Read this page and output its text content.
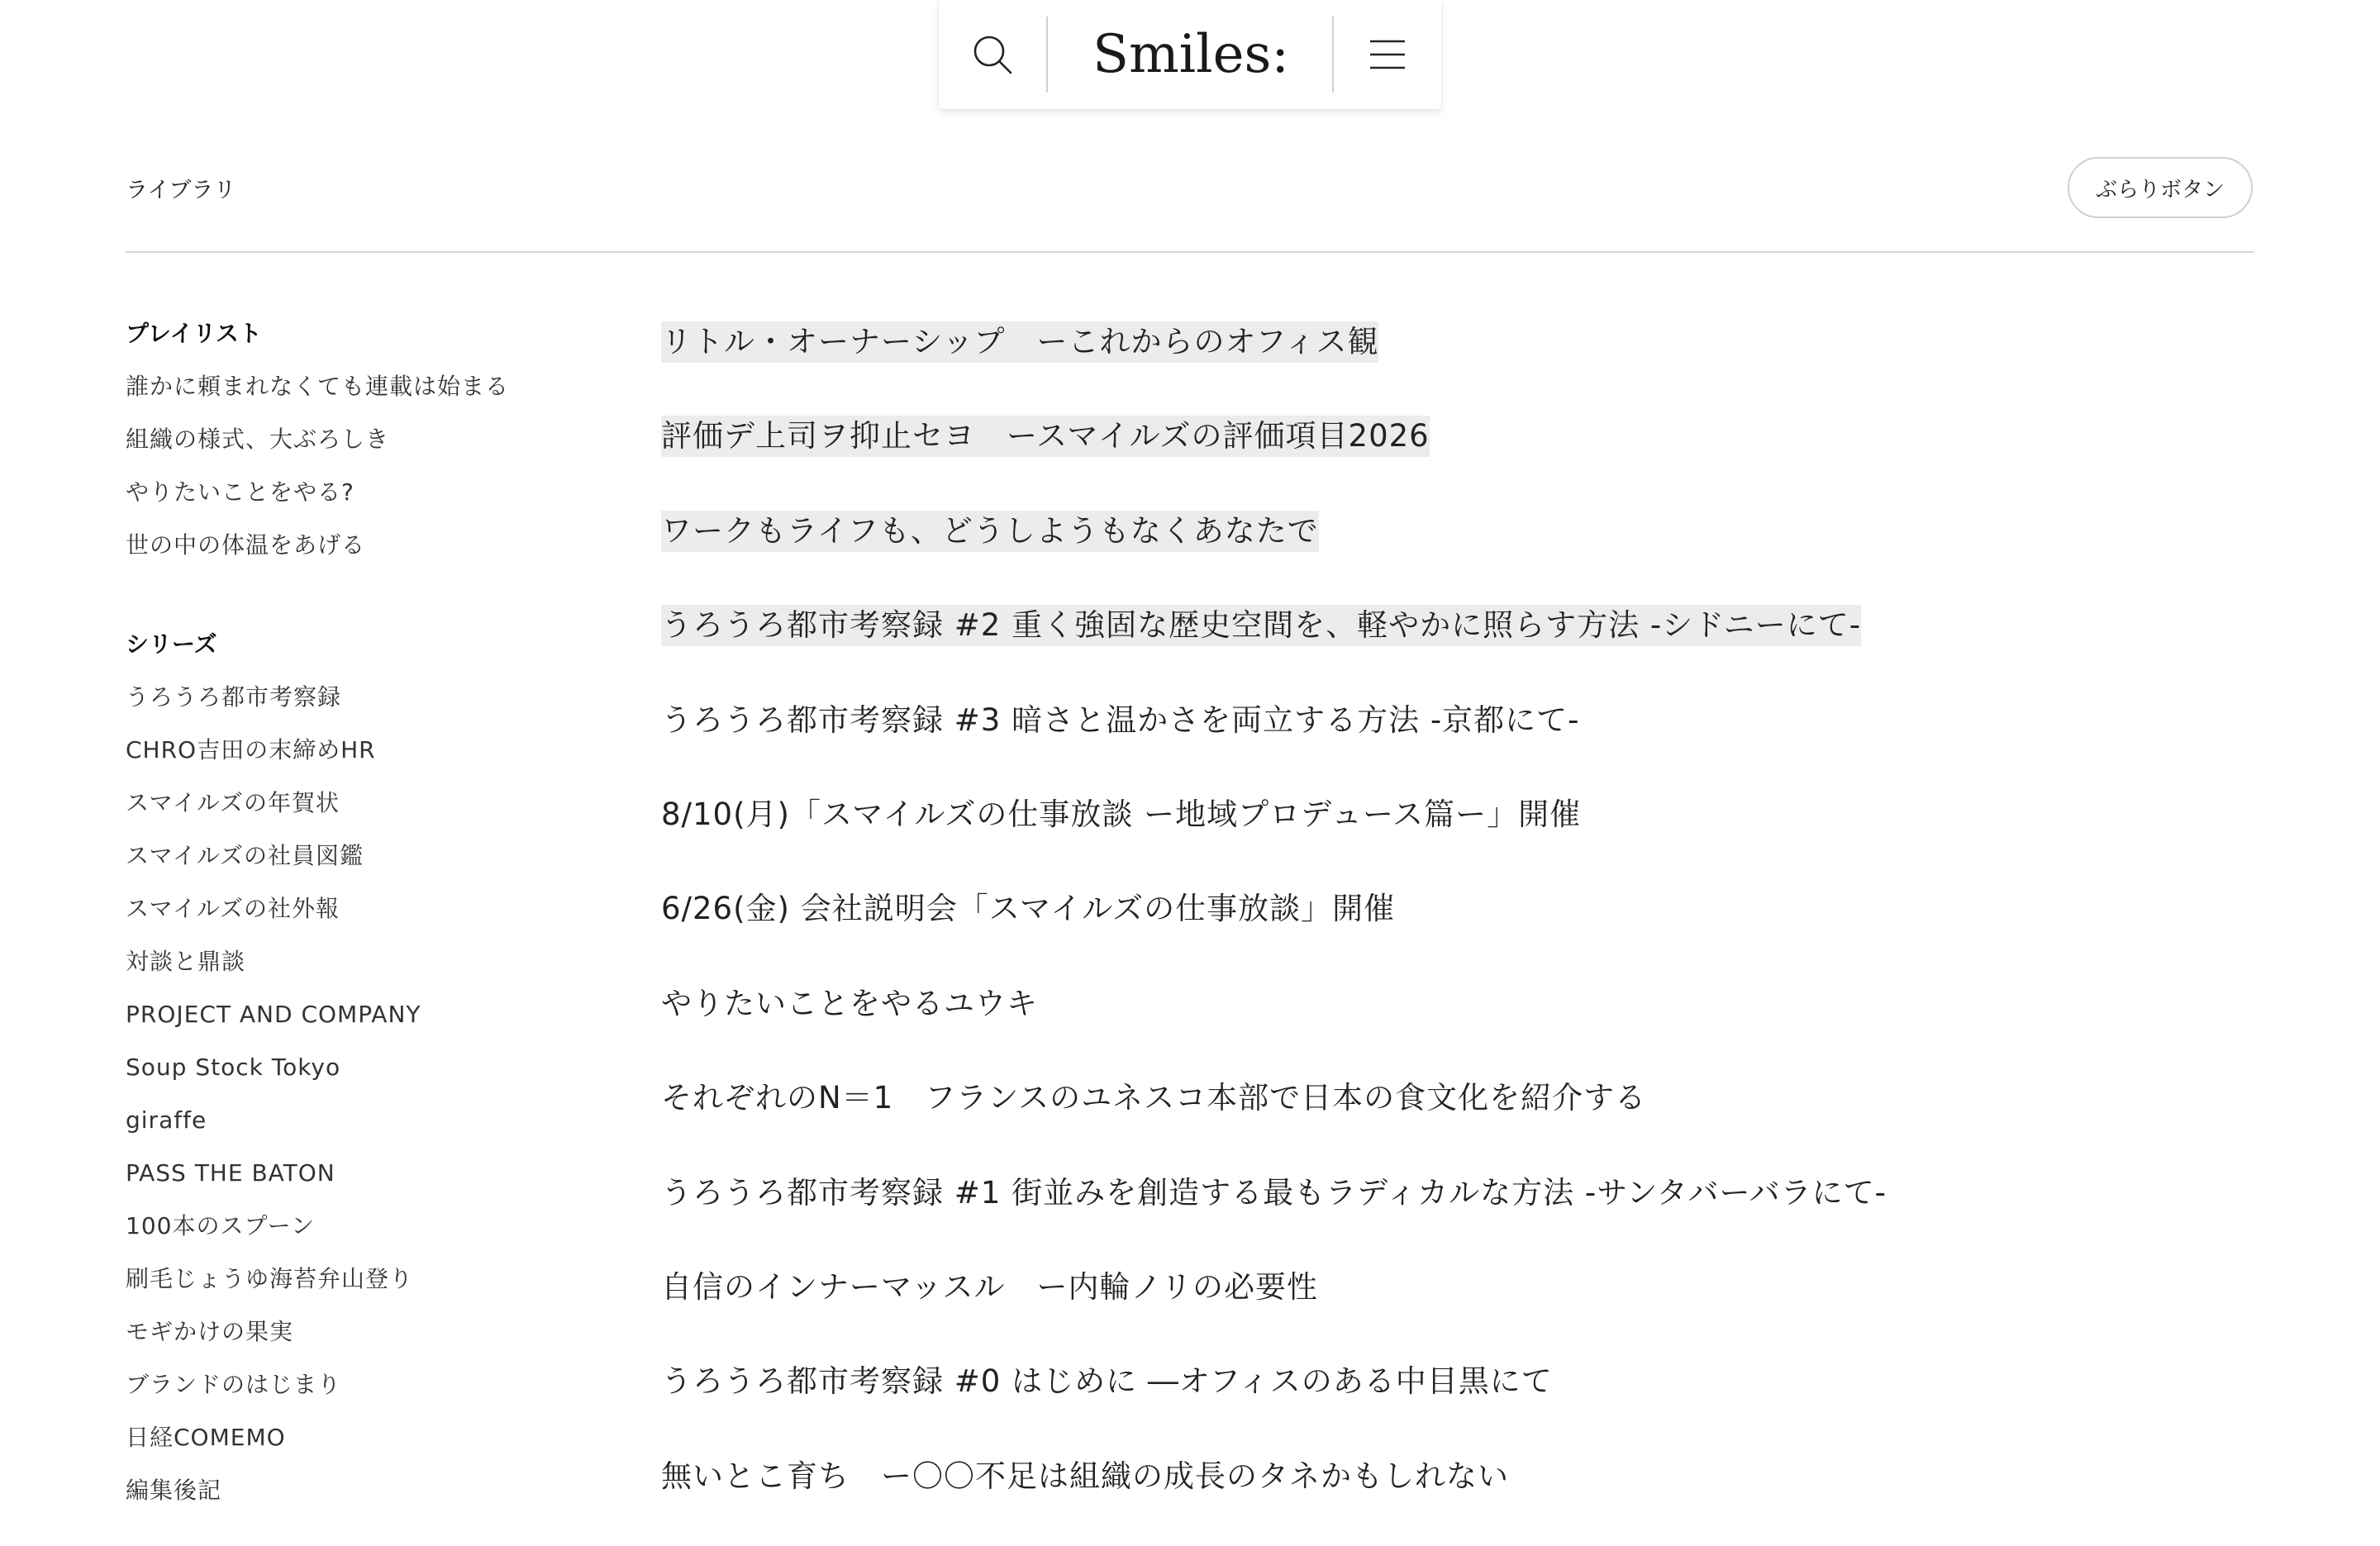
Smiles:
ライブラリ	ぶらりボタン
プレイリスト
誰かに頼まれなくても連載は始まる
組織の様式、大ぶろしき
やりたいことをやる?
世の中の体温をあげる
シリーズ
うろうろ都市考察録
CHRO吉田の末締めHR
スマイルズの年賀状
スマイルズの社員図鑑
スマイルズの社外報
対談と鼎談
PROJECT AND COMPANY
Soup Stock Tokyo
giraffe
PASS THE BATON
100本のスプーン
刷毛じょうゆ海苔弁山登り
モギかけの果実
ブランドのはじまり
日経COMEMO
編集後記
リトル・オーナーシップ　ーこれからのオフィス観
評価デ上司ヲ抑止セヨ　ースマイルズの評価項目2026
ワークもライフも、どうしようもなくあなたで
うろうろ都市考察録 #2 重く強固な歴史空間を、軽やかに照らす方法 -シドニーにて-
うろうろ都市考察録 #3 暗さと温かさを両立する方法 -京都にて-
8/10(月)「スマイルズの仕事放談 ー地域プロデュース篇ー」開催
6/26(金) 会社説明会「スマイルズの仕事放談」開催
やりたいことをやるユウキ
それぞれのN＝1　フランスのユネスコ本部で日本の食文化を紹介する
うろうろ都市考察録 #1 街並みを創造する最もラディカルな方法 -サンタバーバラにて-
自信のインナーマッスル　ー内輪ノリの必要性
うろうろ都市考察録 #0 はじめに ―オフィスのある中目黒にて
無いとこ育ち　ー〇〇不足は組織の成長のタネかもしれない
